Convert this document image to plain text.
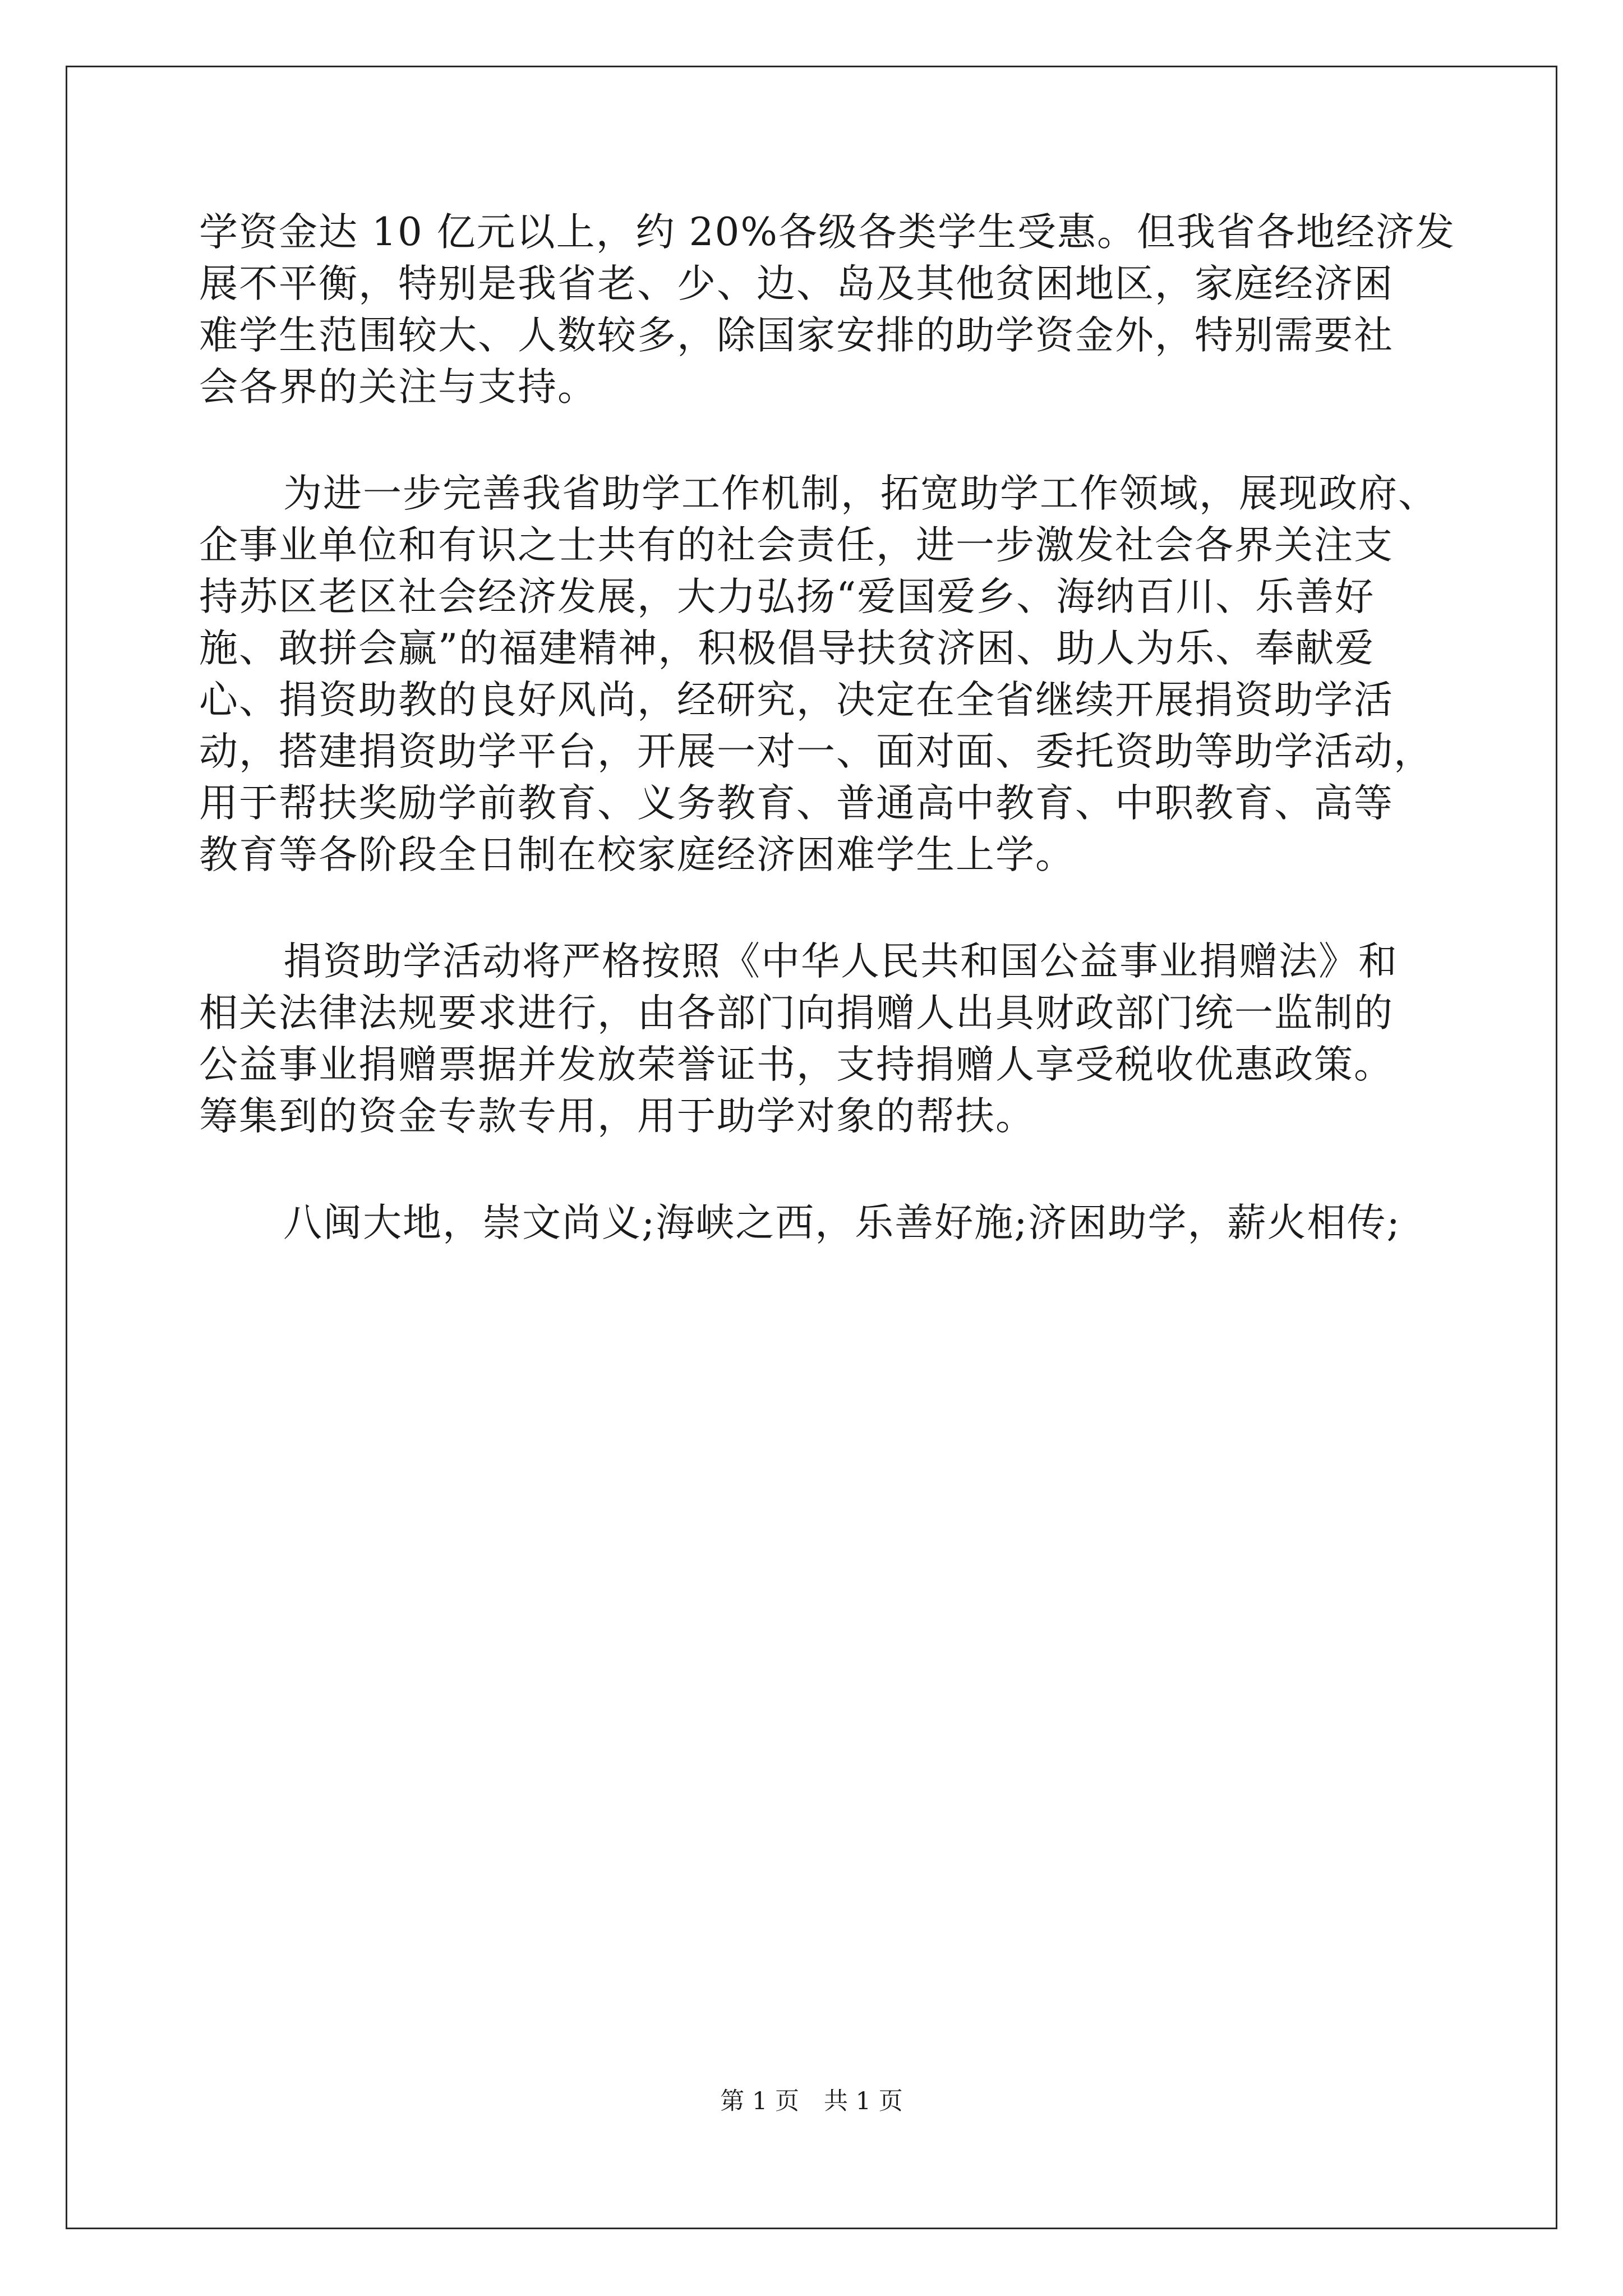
学资金达 10 亿元以上，约 20%各级各类学生受惠。但我省各地经济发

展不平衡，特别是我省老、少、边、岛及其他贫困地区，家庭经济困

难学生范围较大、人数较多，除国家安排的助学资金外，特别需要社

会各界的关注与支持。

为进一步完善我省助学工作机制，拓宽助学工作领域，展现政府、

企事业单位和有识之士共有的社会责任，进一步激发社会各界关注支

持苏区老区社会经济发展，大力弘扬“爱国爱乡、海纳百川、乐善好

施、敢拼会赢”的福建精神，积极倡导扶贫济困、助人为乐、奉献爱

心、捐资助教的良好风尚，经研究，决定在全省继续开展捐资助学活

动，搭建捐资助学平台，开展一对一、面对面、委托资助等助学活动，

用于帮扶奖励学前教育、义务教育、普通高中教育、中职教育、高等

教育等各阶段全日制在校家庭经济困难学生上学。

捐资助学活动将严格按照《中华人民共和国公益事业捐赠法》和

相关法律法规要求进行，由各部门向捐赠人出具财政部门统一监制的

公益事业捐赠票据并发放荣誉证书，支持捐赠人享受税收优惠政策。

筹集到的资金专款专用，用于助学对象的帮扶。

八闽大地，崇文尚义;海峡之西，乐善好施;济困助学，薪火相传;

第 1 页 共 1 页
